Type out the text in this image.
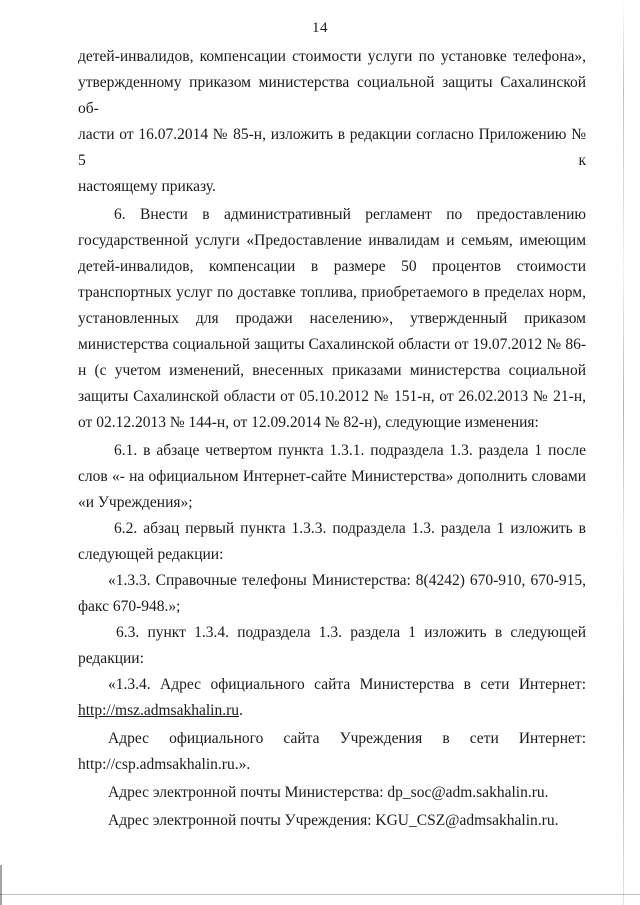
14

детей-инвалидов, компенсации стоимости услуги по установке телефона»,

утвержденному приказом министерства социальной защиты Сахалинской об-

ласти от 16.07.2014 № 85-н, изложить в редакции согласно Приложению № 5 к

настоящему приказу.

6. Внести в административный регламент по предоставлению государственной услуги «Предоставление инвалидам и семьям, имеющим детей-инвалидов, компенсации в размере 50 процентов стоимости транспортных услуг по доставке топлива, приобретаемого в пределах норм, установленных для продажи населению», утвержденный приказом министерства социальной защиты Сахалинской области от 19.07.2012 № 86-н (с учетом изменений, внесенных приказами министерства социальной защиты Сахалинской области от 05.10.2012 № 151-н, от 26.02.2013 № 21-н, от 02.12.2013 № 144-н, от 12.09.2014 № 82-н), следующие изменения:

6.1. в абзаце четвертом пункта 1.3.1. подраздела 1.3. раздела 1 после слов «- на официальном Интернет-сайте Министерства» дополнить словами «и Учреждения»;

6.2. абзац первый пункта 1.3.3. подраздела 1.3. раздела 1 изложить в следующей редакции:

«1.3.3. Справочные телефоны Министерства: 8(4242) 670-910, 670-915, факс 670-948.»;

6.3. пункт 1.3.4. подраздела 1.3. раздела 1 изложить в следующей редакции:

«1.3.4. Адрес официального сайта Министерства в сети Интернет: http://msz.admsakhalin.ru.

Адрес официального сайта Учреждения в сети Интернет: http://csp.admsakhalin.ru.».

Адрес электронной почты Министерства: dp_soc@adm.sakhalin.ru.

Адрес электронной почты Учреждения: KGU_CSZ@admsakhalin.ru.
